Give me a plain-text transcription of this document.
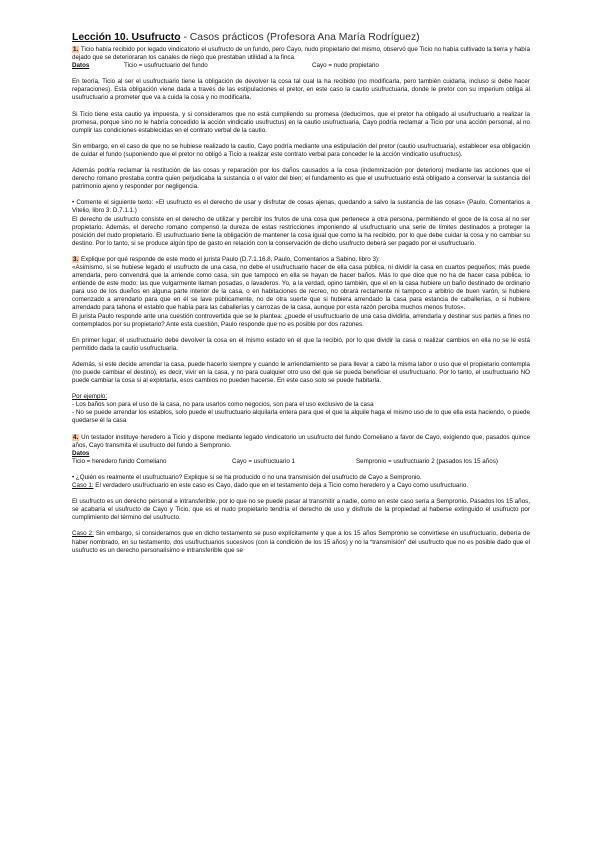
Lección 10. Usufructo - Casos prácticos (Profesora Ana María Rodríguez)

1. Ticio había recibido por legado vindicatorio el usufructo de un fundo, pero Cayo, nudo propietario del mismo, observó que Ticio no había cultivado la tierra y había dejado que se deterioraran los canales de riego que prestaban utilidad a la finca.

Datos	Ticio = usufructuario del fundo	Cayo = nudo propietario

En teoría, Ticio al ser el usufructuario tiene la obligación de devolver la cosa tal cual la ha recibido (no modificarla, pero también cuidarla, incluso si debe hacer reparaciones). Esta obligación viene dada a través de las estipulaciones el pretor, en este caso la cautio usufructuaria, donde le pretor con su imperium obliga al usufructuario a prometer que va a cuida la cosa y no modificarla.

Si Ticio tiene esta cautio ya impuesta, y si consideramos que no está cumpliendo su promesa (deducimos, que el pretor ha obligado al usufructuario a realizar la promesa, porque sino no le habría concedido la acción vindicatio usufructus) en la cautio usufructuaria, Cayo podría reclamar a Ticio por una acción personal, al no cumplir las condiciones establecidas en el contrato verbal de la cautio.

Sin embargo, en el caso de que no se hubiese realizado la cautio, Cayo podría mediante una estipulación del pretor (cautio usufructuaria), establecer esa obligación de cuidar el fundo (suponiendo que el pretor no obligó a Ticio a realizar este contrato verbal para conceder le la acción vindicatio usufructus).

Además podría reclamar la restitución de las cosas y reparación por los daños causados a la cosa (indemnización por deterioro) mediante las acciones que el derecho romano prestaba contra quien perjudicaba la sustancia o el valor del bien; el fundamento es que el usufructuario está obligado a conservar la sustancia del patrimonio ajeno y responder por negligencia.

• Comente el siguiente texto: «El usufructo es el derecho de usar y disfrutar de cosas ajenas, quedando a salvo la sustancia de las cosas» (Paulo, Comentarios a Vitelio, libro 3: D.7.1.1.)

El derecho de usufructo consiste en el derecho de utilizar y percibir los frutos de una cosa que pertenece a otra persona, permitiendo el goce de la cosa al no ser propietario. Además, el derecho romano compensó la dureza de estas restricciones imponiendo al usufructuario una serie de límites destinados a proteger la posición del nudo propietario. El usufructuario tiene la obligación de mantener la cosa igual que como la ha recibido, por lo que debe cuidar la cosa y no cambiar su destino. Por lo tanto, si se produce algún tipo de gasto en relación con la conservación de dicho usufructo deberá ser pagado por el usufructuario.

3. Explique por qué responde de este modo el jurista Paulo (D.7.1.16.8, Paulo, Comentarios a Sabino, libro 3):

«Asimismo, si se hubiese legado el usufructo de una casa, no debe el usufructuario hacer de ella casa pública, ni dividir la casa en cuartos pequeños; más puede arrendarla, pero convendrá que la arriende como casa, sin que tampoco en ella se hayan de hacer baños. Más lo que dice que no ha de hacer casa pública, lo entiende de este modo: las que vulgarmente llaman posadas, o lavaderos. Yo, a la verdad, opino también, que el en la casa hubiere un baño destinado de ordinario para uso de los dueños en alguna parte interior de la casa, o en habitaciones de recreo, no obrará rectamente ni tampoco a arbitrio de buen varón, si hubiere comenzado a arrendarlo para que en él se lave públicamente, no de otra suerte que si hubiera arrendado la casa para estancia de caballerías, o si hubiere arrendado para tahona el establo que había para las caballerías y carrozas de la casa, aunque por esta razón perciba muchos menos frutos».

El jurista Paulo responde ante una cuestión controvertida que se le plantea: ¿puede el usufructuario de una casa dividirla, arrendarla y destinar sus partes a fines no contemplados por su propietario? Ante esta cuestión, Paulo responde que no es posible por dos razones.

En primer lugar, el usufructuario debe devolver la cosa en el mismo estado en el que la recibió, por lo que dividir la casa o realizar cambios en ella no se le está permitido dada la cautio usufructuaria.

Además, si este decide arrendar la casa, puede hacerlo siempre y cuando le arriendamiento se para llevar a cabo la misma labor o uso que el propietario contempla (no puede cambiar el destino), es decir, vivir en la casa, y no para cualquier otro uso del que se pueda beneficiar el usufructuario. Por lo tanto, el usufructuario NO puede cambiar la cosa si al explotarla, esos cambios no pueden hacerse. En este caso solo se puede habitarla.

Por ejemplo:

- Los baños son para el uso de la casa, no para usarlos como negocios, son para el uso exclusivo de la casa

- No se puede arrendar los establos, solo puede el usufructuario alquilarla entera para que el que la alquile haga el mismo uso de lo que ella esta haciendo, o puede quedarse él la casa

4. Un testador instituye heredero a Ticio y dispone mediante legado vindicatorio un usufructo del fundo Corneliano a favor de Cayo, exigiendo que, pasados quince años, Cayo transmita el usufructo del fundo a Sempronio.

Datos

Ticio = heredero fundo Corneliano	Cayo = usufructuario 1	Sempronio = usufructuario 2 (pasados los 15 años)

• ¿Quién es realmente el usufructuario? Explique si se ha producido o no una transmisión del usufructo de Cayo a Sempronio.

Caso 1: El verdadero usufructuario en este caso es Cayo, dado que en el testamento deja a Ticio como heredero y a Cayo como usufructuario.

El usufructo es un derecho personal e intransferible, por lo que no se puede pasar al transmitir a nadie, como en este caso sería a Sempronio. Pasados los 15 años, se acabaría el usufructo de Cayo y Ticio, que es el nudo propietario tendría el derecho de uso y disfrute de la propiedad al haberse extinguido el usufructo por cumplimiento del término del usufructo.

Caso 2: Sin embargo, si consideramos que en dicho testamento se puso explícitamente y que a los 15 años Sempronio se convirtiese en usufructuario, debería de haber nombrado, en su testamento, dos usufructuarios sucesivos (con la condición de los 15 años) y no la “transmisión” del usufructo que no es posible dado que el usufructo es un derecho personalísimo e intransferible que se
